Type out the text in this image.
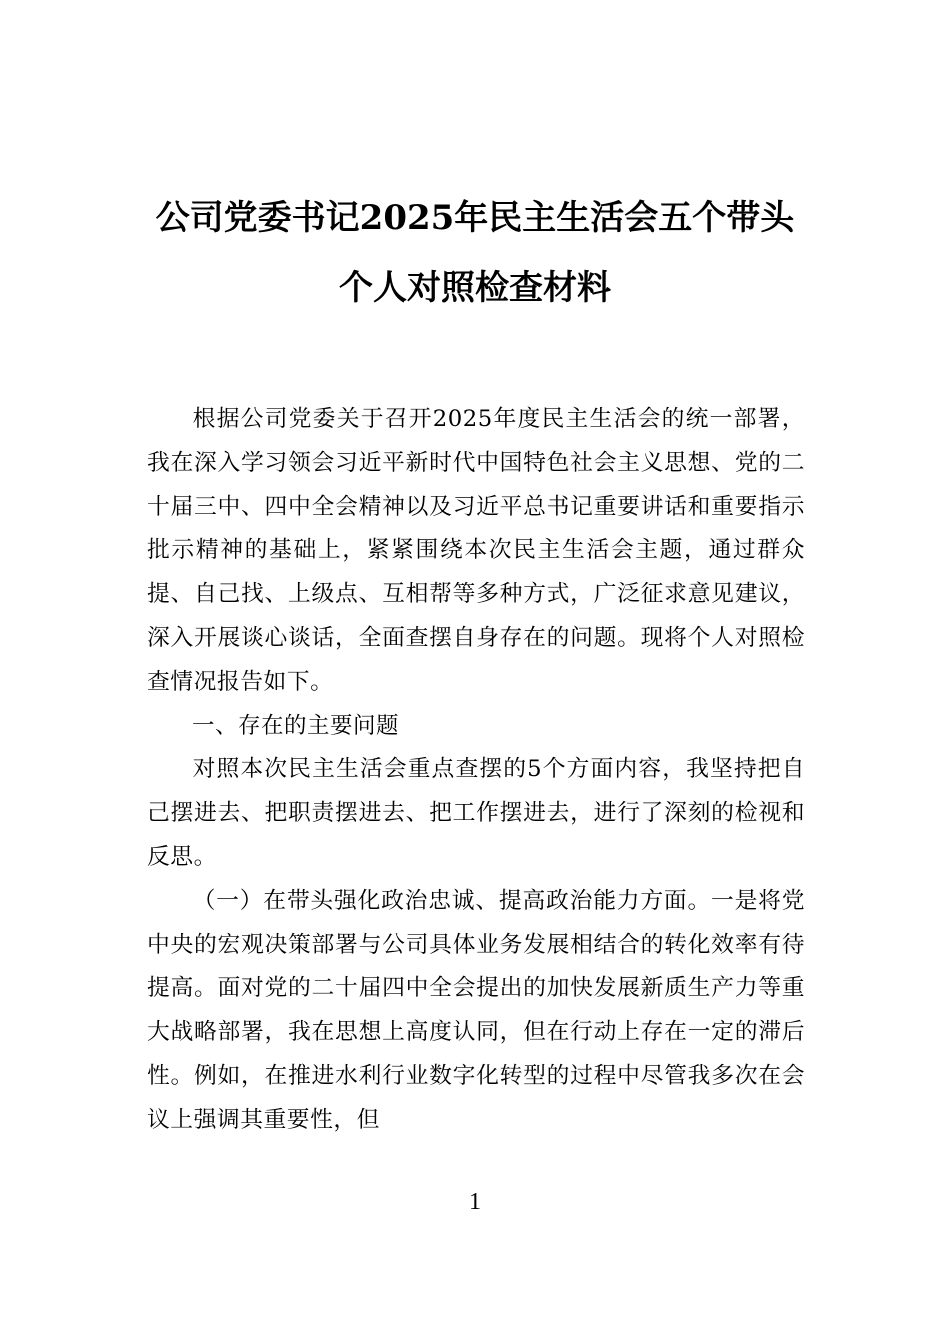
公司党委书记2025年民主生活会五个带头
个人对照检查材料

根据公司党委关于召开2025年度民主生活会的统一部署，我在深入学习领会习近平新时代中国特色社会主义思想、党的二十届三中、四中全会精神以及习近平总书记重要讲话和重要指示批示精神的基础上，紧紧围绕本次民主生活会主题，通过群众提、自己找、上级点、互相帮等多种方式，广泛征求意见建议，深入开展谈心谈话，全面查摆自身存在的问题。现将个人对照检查情况报告如下。

一、存在的主要问题

对照本次民主生活会重点查摆的5个方面内容，我坚持把自己摆进去、把职责摆进去、把工作摆进去，进行了深刻的检视和反思。

（一）在带头强化政治忠诚、提高政治能力方面。一是将党中央的宏观决策部署与公司具体业务发展相结合的转化效率有待提高。面对党的二十届四中全会提出的加快发展新质生产力等重大战略部署，我在思想上高度认同，但在行动上存在一定的滞后性。例如，在推进水利行业数字化转型的过程中尽管我多次在会议上强调其重要性，但

1
